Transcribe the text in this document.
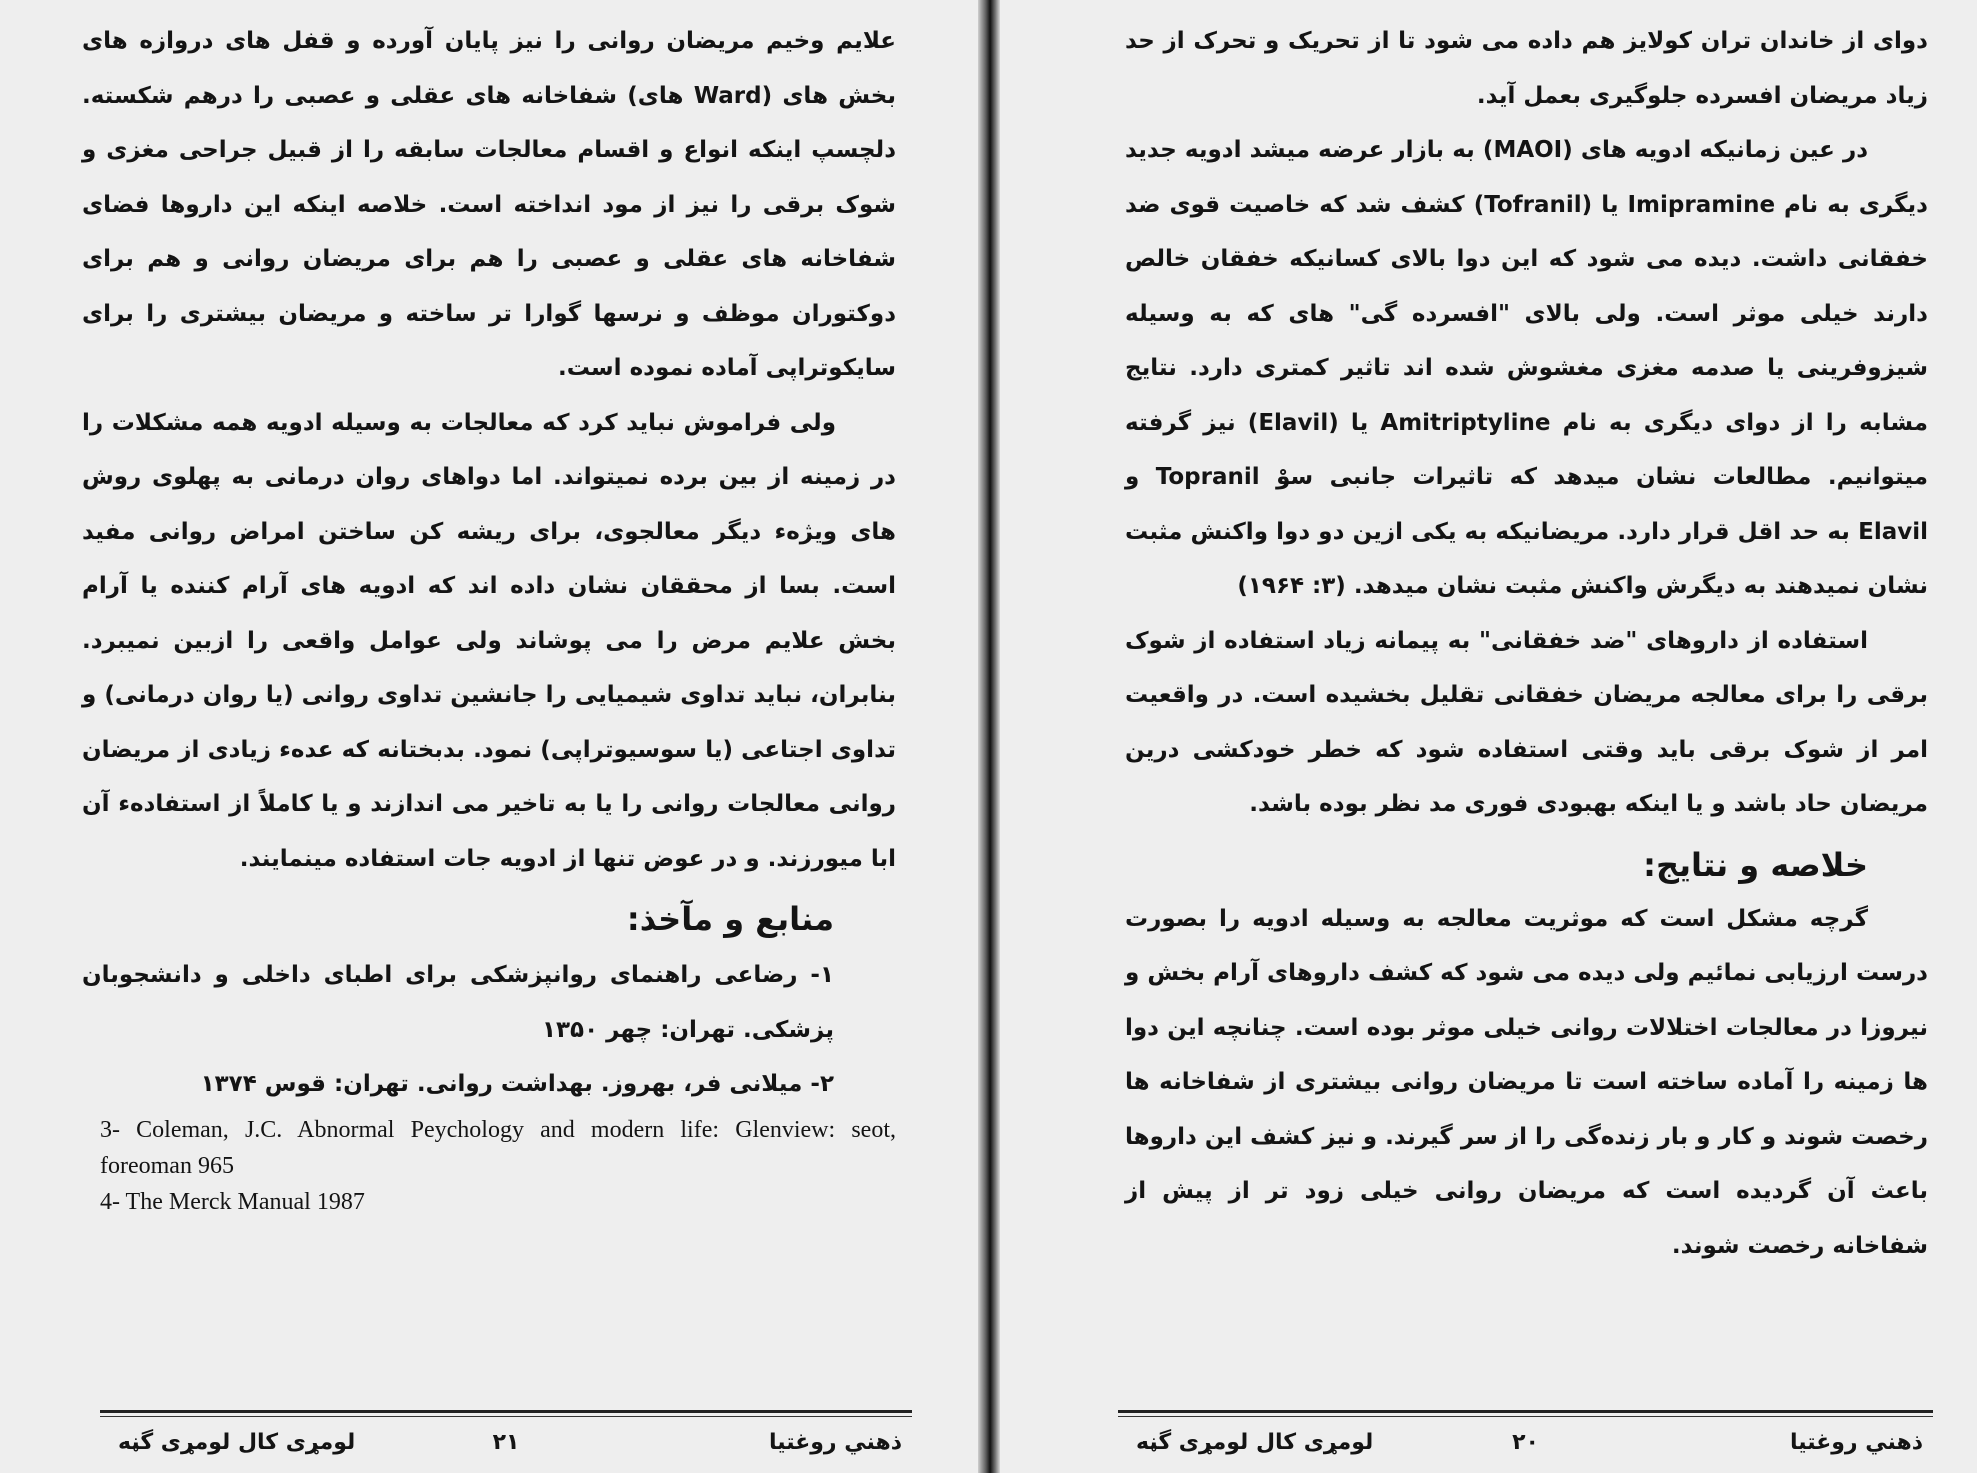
علایم وخیم مریضان روانی را نیز پایان آورده و قفل های دروازه های بخش های (Ward های) شفاخانه های عقلی و عصبی را درهم شکسته. دلچسپ اینکه انواع و اقسام معالجات سابقه را از قبیل جراحی مغزی و شوک برقی را نیز از مود انداخته است. خلاصه اینکه این داروها فضای شفاخانه های عقلی و عصبی را هم برای مریضان روانی و هم برای دوکتوران موظف و نرسها گوارا تر ساخته و مریضان بیشتری را برای سایکوتراپی آماده نموده است.

ولی فراموش نباید کرد که معالجات به وسیله ادویه همه مشکلات را در زمینه از بین برده نمیتواند. اما دواهای روان درمانی به پهلوی روش های ویژهء دیگر معالجوی، برای ریشه کن ساختن امراض روانی مفید است. بسا از محققان نشان داده اند که ادویه های آرام کننده یا آرام بخش علایم مرض را می پوشاند ولی عوامل واقعی را ازبین نمیبرد. بنابران، نباید تداوی شیمیایی را جانشین تداوی روانی (یا روان درمانی) و تداوی اجتاعی (یا سوسیوتراپی) نمود. بدبختانه که عدهء زیادی از مریضان روانی معالجات روانی را یا به تاخیر می اندازند و یا کاملاً از استفادهء آن ابا میورزند. و در عوض تنها از ادویه جات استفاده مینمایند.

منابع و مآخذ:

۱- رضاعی راهنمای روانپزشکی برای اطبای داخلی و دانشجوبان پزشکی. تهران: چهر ۱۳۵۰

۲- میلانی فر، بهروز. بهداشت روانی. تهران: قوس ۱۳۷۴

3- Coleman, J.C. Abnormal Peychology and modern life: Glenview: seot, foreoman 965

4- The Merck Manual 1987

ذهني روغتيا
۲۱
لومړی کال لومړی گڼه

دوای از خاندان تران کولایز هم داده می شود تا از تحریک و تحرک از حد زیاد مریضان افسرده جلوگیری بعمل آید.

در عین زمانیکه ادویه های (MAOI) به بازار عرضه میشد ادویه جدید دیگری به نام Imipramine یا (Tofranil) کشف شد که خاصیت قوی ضد خفقانی داشت. دیده می شود که این دوا بالای کسانیکه خفقان خالص دارند خیلی موثر است. ولی بالای "افسرده گی" های که به وسیله شیزوفرینی یا صدمه مغزی مغشوش شده اند تاثیر کمتری دارد. نتایج مشابه را از دوای دیگری به نام Amitriptyline یا (Elavil) نیز گرفته میتوانیم. مطالعات نشان میدهد که تاثیرات جانبی سوْ Topranil و Elavil به حد اقل قرار دارد. مریضانیکه به یکی ازین دو دوا واکنش مثبت نشان نمیدهند به دیگرش واکنش مثبت نشان میدهد. (۳: ۱۹۶۴)

استفاده از داروهای "ضد خفقانی" به پیمانه زیاد استفاده از شوک برقی را برای معالجه مریضان خفقانی تقلیل بخشیده است. در واقعیت امر از شوک برقی باید وقتی استفاده شود که خطر خودکشی درین مریضان حاد باشد و یا اینکه بهبودی فوری مد نظر بوده باشد.

خلاصه و نتایج:

گرچه مشکل است که موثریت معالجه به وسیله ادویه را بصورت درست ارزیابی نمائیم ولی دیده می شود که کشف داروهای آرام بخش و نیروزا در معالجات اختلالات روانی خیلی موثر بوده است. چنانچه این دوا ها زمینه را آماده ساخته است تا مریضان روانی بیشتری از شفاخانه ها رخصت شوند و کار و بار زنده‌گی را از سر گیرند. و نیز کشف این داروها باعث آن گردیده است که مریضان روانی خیلی زود تر از پیش از شفاخانه رخصت شوند.

ذهني روغتيا
۲۰
لومړی کال لومړی گڼه
